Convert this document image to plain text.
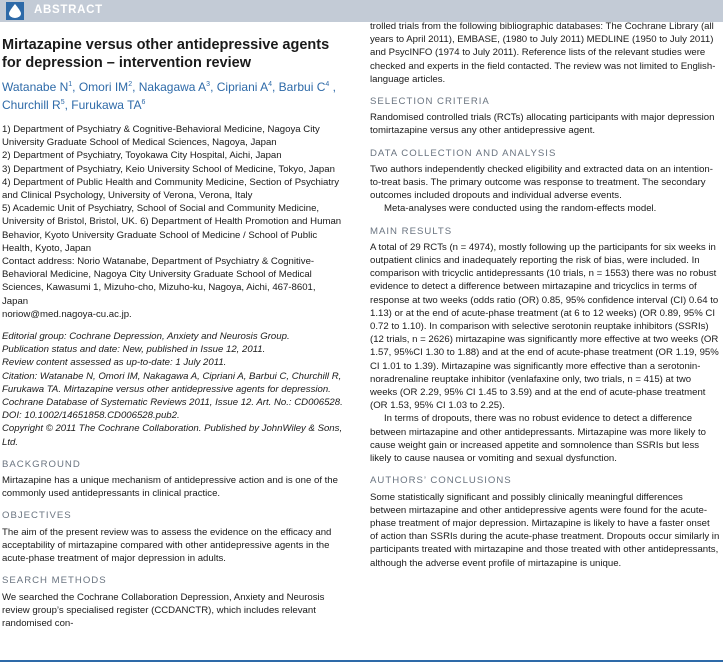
ABSTRACT
Mirtazapine versus other antidepressive agents for depression – intervention review

Watanabe $N^1$, Omori $IM^2$, Nakagawa $A^3$, Cipriani $A^4$, Barbui $C^4$ , Churchill $R^5$, Furukawa $TA^6$

1) Department of Psychiatry & Cognitive-Behavioral Medicine, Nagoya City University Graduate School of Medical Sciences, Nagoya, Japan

2) Department of Psychiatry, Toyokawa City Hospital, Aichi, Japan

3) Department of Psychiatry, Keio University School of Medicine, Tokyo, Japan

4) Department of Public Health and Community Medicine, Section of Psychiatry and Clinical Psychology, University of Verona, Verona, Italy

5) Academic Unit of Psychiatry, School of Social and Community Medicine, University of Bristol, Bristol, UK. 6) Department of Health Promotion and Human Behavior, Kyoto University Graduate School of Medicine / School of Public Health, Kyoto, Japan

Contact address: Norio Watanabe, Department of Psychiatry & Cognitive-Behavioral Medicine, Nagoya City University Graduate School of Medical Sciences, Kawasumi 1, Mizuho-cho, Mizuho-ku, Nagoya, Aichi, 467-8601, Japan

noriow@med.nagoya-cu.ac.jp.

Editorial group: Cochrane Depression, Anxiety and Neurosis Group.

Publication status and date: New, published in Issue 12, 2011.

Review content assessed as up-to-date: 1 July 2011.

Citation: Watanabe N, Omori IM, Nakagawa A, Cipriani A, Barbui C, Churchill R, Furukawa TA. Mirtazapine versus other antidepressive agents for depression. Cochrane Database of Systematic Reviews 2011, Issue 12. Art. No.: CD006528. DOI: 10.1002/14651858.CD006528.pub2.

Copyright © 2011 The Cochrane Collaboration. Published by JohnWiley & Sons, Ltd.

BACKGROUND

Mirtazapine has a unique mechanism of antidepressive action and is one of the commonly used antidepressants in clinical practice.

OBJECTIVES

The aim of the present review was to assess the evidence on the efficacy and acceptability of mirtazapine compared with other antidepressive agents in the acute-phase treatment of major depression in adults.

SEARCH METHODS

We searched the Cochrane Collaboration Depression, Anxiety and Neurosis review group’s specialised register (CCDANCTR), which includes relevant randomised con-

trolled trials from the following bibliographic databases: The Cochrane Library (all years to April 2011), EMBASE, (1980 to July 2011) MEDLINE (1950 to July 2011) and PsycINFO (1974 to July 2011). Reference lists of the relevant studies were checked and experts in the field contacted. The review was not limited to English-language articles.

SELECTION CRITERIA

Randomised controlled trials (RCTs) allocating participants with major depression tomirtazapine versus any other antidepressive agent.

DATA COLLECTION AND ANALYSIS

Two authors independently checked eligibility and extracted data on an intention-to-treat basis. The primary outcome was response to treatment. The secondary outcomes included dropouts and individual adverse events.

Meta-analyses were conducted using the random-effects model.

MAIN RESULTS

A total of 29 RCTs (n = 4974), mostly following up the participants for six weeks in outpatient clinics and inadequately reporting the risk of bias, were included. In comparison with tricyclic antidepressants (10 trials, n = 1553) there was no robust evidence to detect a difference between mirtazapine and tricyclics in terms of response at two weeks (odds ratio (OR) 0.85, 95% confidence interval (CI) 0.64 to 1.13) or at the end of acute-phase treatment (at 6 to 12 weeks) (OR 0.89, 95% CI 0.72 to 1.10). In comparison with selective serotonin reuptake inhibitors (SSRIs) (12 trials, n = 2626) mirtazapine was significantly more effective at two weeks (OR 1.57, 95%CI 1.30 to 1.88) and at the end of acute-phase treatment (OR 1.19, 95% CI 1.01 to 1.39). Mirtazapine was significantly more effective than a serotonin-noradrenaline reuptake inhibitor (venlafaxine only, two trials, n = 415) at two weeks (OR 2.29, 95% CI 1.45 to 3.59) and at the end of acute-phase treatment (OR 1.53, 95% CI 1.03 to 2.25).

In terms of dropouts, there was no robust evidence to detect a difference between mirtazapine and other antidepressants. Mirtazapine was more likely to cause weight gain or increased appetite and somnolence than SSRIs but less likely to cause nausea or vomiting and sexual dysfunction.

AUTHORS’ CONCLUSIONS

Some statistically significant and possibly clinically meaningful differences between mirtazapine and other antidepressive agents were found for the acute-phase treatment of major depression. Mirtazapine is likely to have a faster onset of action than SSRIs during the acute-phase treatment. Dropouts occur similarly in participants treated with mirtazapine and those treated with other antidepressants, although the adverse event profile of mirtazapine is unique.
